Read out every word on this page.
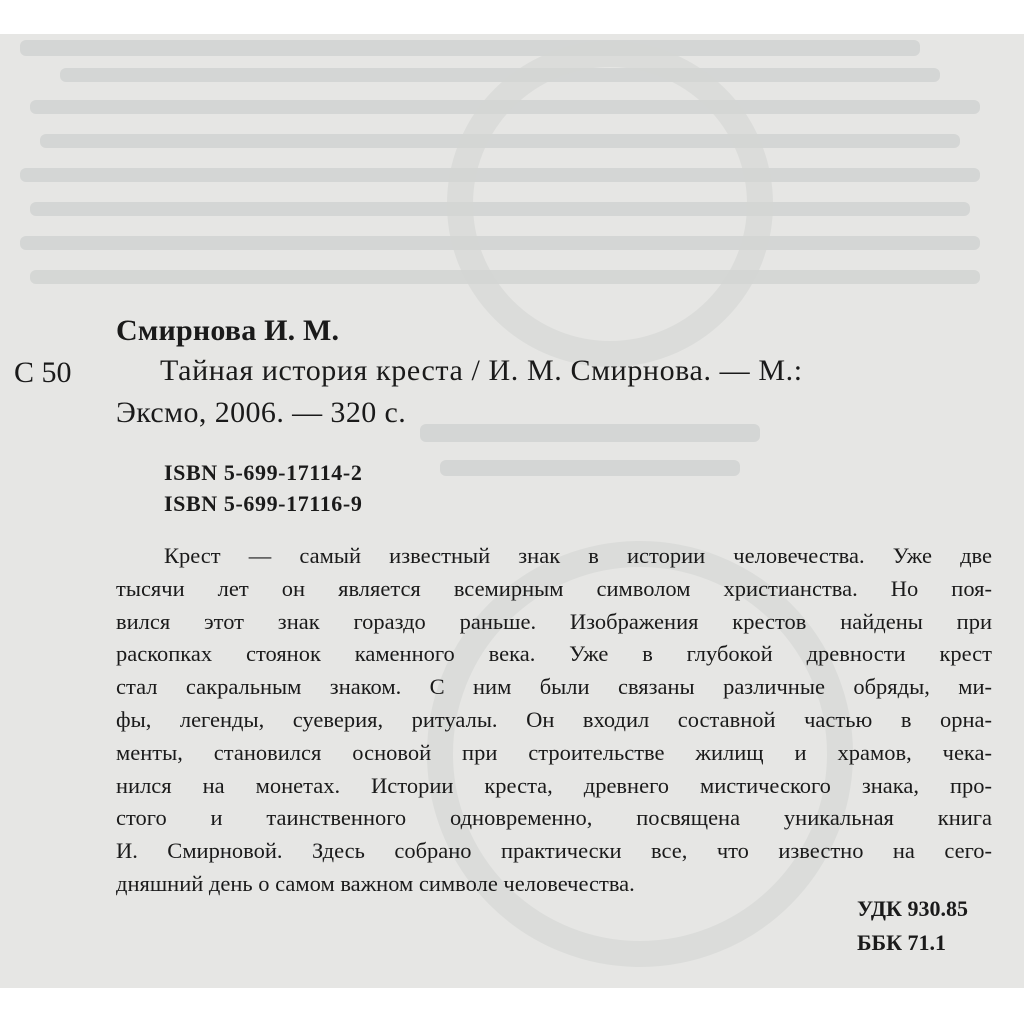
Смирнова И. М.
С 50	Тайная история креста / И. М. Смирнова. — М.:
Эксмо, 2006. — 320 с.
ISBN 5-699-17114-2
ISBN 5-699-17116-9
Крест — самый известный знак в истории человечества. Уже две
тысячи лет он является всемирным символом христианства. Но поя-
вился этот знак гораздо раньше. Изображения крестов найдены при
раскопках стоянок каменного века. Уже в глубокой древности крест
стал сакральным знаком. С ним были связаны различные обряды, ми-
фы, легенды, суеверия, ритуалы. Он входил составной частью в орна-
менты, становился основой при строительстве жилищ и храмов, чека-
нился на монетах. Истории креста, древнего мистического знака, про-
стого и таинственного одновременно, посвящена уникальная книга
И. Смирновой. Здесь собрано практически все, что известно на сего-
дняшний день о самом важном символе человечества.
УДК 930.85
ББК 71.1
